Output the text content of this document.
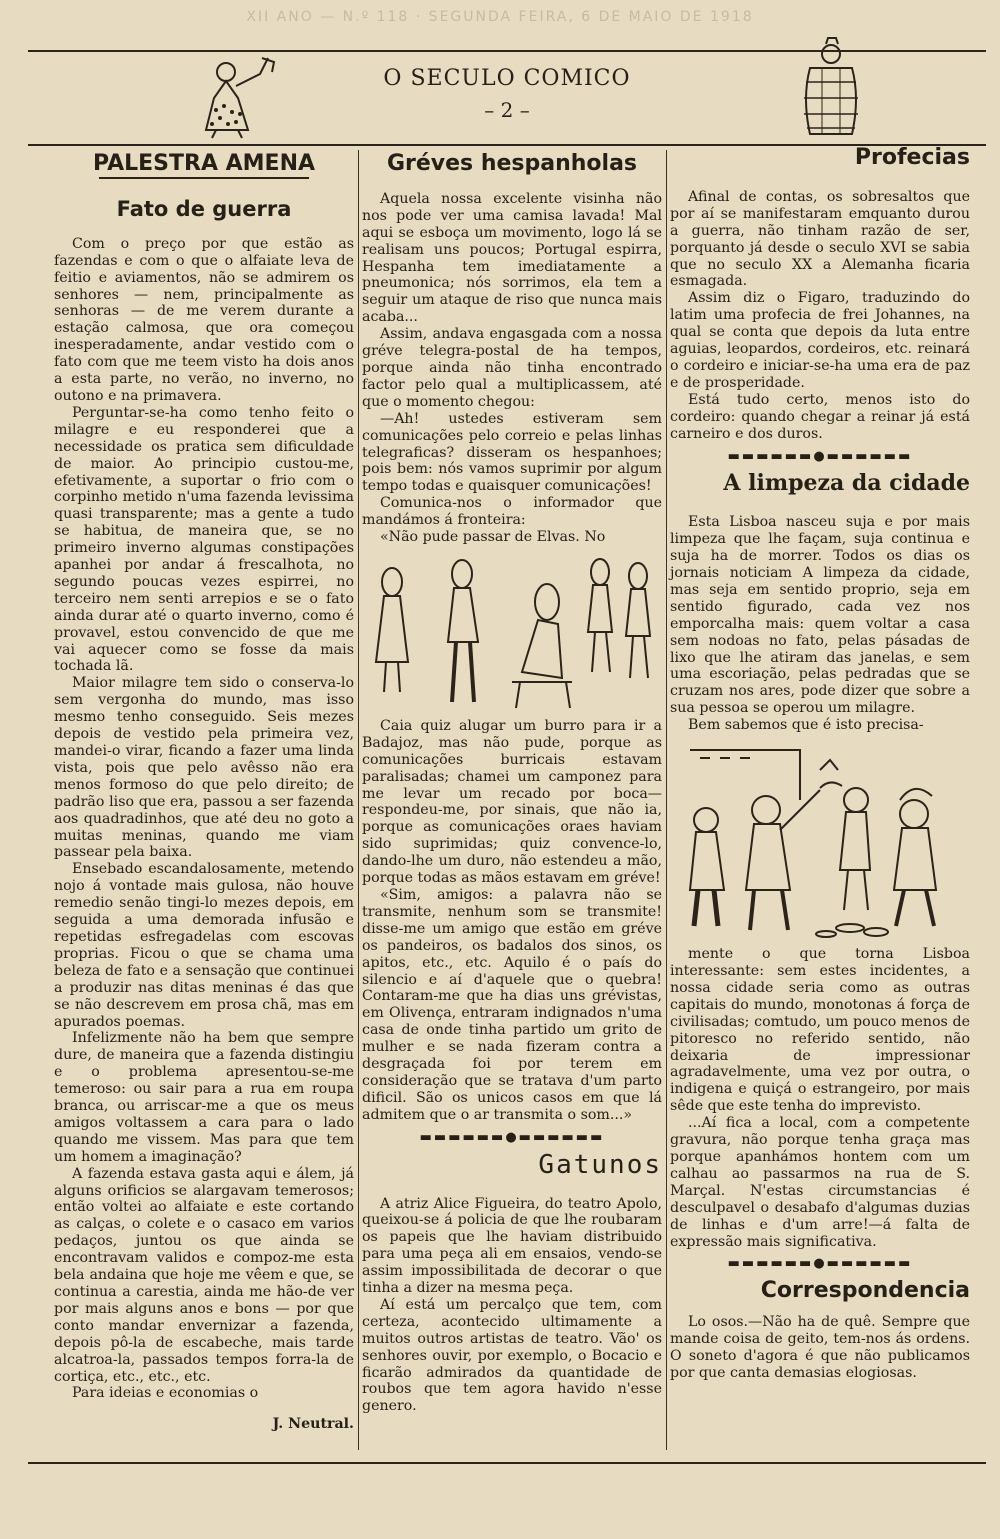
XII ANO — N.º 118 · SEGUNDA FEIRA, 6 DE MAIO DE 1918
O SECULO COMICO
– 2 –
PALESTRA AMENA
Fato de guerra

Com o preço por que estão as fazendas e com o que o alfaiate leva de feitio e aviamentos, não se admirem os senhores — nem, principalmente as senhoras — de me verem durante a estação calmosa, que ora começou inesperadamente, andar vestido com o fato com que me teem visto ha dois anos a esta parte, no verão, no inverno, no outono e na primavera.

Perguntar-se-ha como tenho feito o milagre e eu responderei que a necessidade os pratica sem dificuldade de maior. Ao principio custou-me, efetivamente, a suportar o frio com o corpinho metido n'uma fazenda levissima quasi transparente; mas a gente a tudo se habitua, de maneira que, se no primeiro inverno algumas constipações apanhei por andar á frescalhota, no segundo poucas vezes espirrei, no terceiro nem senti arrepios e se o fato ainda durar até o quarto inverno, como é provavel, estou convencido de que me vai aquecer como se fosse da mais tochada lã.

Maior milagre tem sido o conserva-lo sem vergonha do mundo, mas isso mesmo tenho conseguido. Seis mezes depois de vestido pela primeira vez, mandei-o virar, ficando a fazer uma linda vista, pois que pelo avêsso não era menos formoso do que pelo direito; de padrão liso que era, passou a ser fazenda aos quadradinhos, que até deu no goto a muitas meninas, quando me viam passear pela baixa.

Ensebado escandalosamente, metendo nojo á vontade mais gulosa, não houve remedio senão tingi-lo mezes depois, em seguida a uma demorada infusão e repetidas esfregadelas com escovas proprias. Ficou o que se chama uma beleza de fato e a sensação que continuei a produzir nas ditas meninas é das que se não descrevem em prosa chã, mas em apurados poemas.

Infelizmente não ha bem que sempre dure, de maneira que a fazenda distingiu e o problema apresentou-se-me temeroso: ou sair para a rua em roupa branca, ou arriscar-me a que os meus amigos voltassem a cara para o lado quando me vissem. Mas para que tem um homem a imaginação?

A fazenda estava gasta aqui e álem, já alguns orificios se alargavam temerosos; então voltei ao alfaiate e este cortando as calças, o colete e o casaco em varios pedaços, juntou os que ainda se encontravam validos e compoz-me esta bela andaina que hoje me vêem e que, se continua a carestia, ainda me hão-de ver por mais alguns anos e bons — por que conto mandar envernizar a fazenda, depois pô-la de escabeche, mais tarde alcatroa-la, passados tempos forra-la de cortiça, etc., etc., etc.

Para ideias e economias o

J. Neutral.
Gréves hespanholas

Aquela nossa excelente visinha não nos pode ver uma camisa lavada! Mal aqui se esboça um movimento, logo lá se realisam uns poucos; Portugal espirra, Hespanha tem imediatamente a pneumonica; nós sorrimos, ela tem a seguir um ataque de riso que nunca mais acaba...

Assim, andava engasgada com a nossa gréve telegra-postal de ha tempos, porque ainda não tinha encontrado factor pelo qual a multiplicassem, até que o momento chegou:

—Ah! ustedes estiveram sem comunicações pelo correio e pelas linhas telegraficas? disseram os hespanhoes; pois bem: nós vamos suprimir por algum tempo todas e quaisquer comunicações!

Comunica-nos o informador que mandámos á fronteira:

«Não pude passar de Elvas. No

Caia quiz alugar um burro para ir a Badajoz, mas não pude, porque as comunicações burricais estavam paralisadas; chamei um camponez para me levar um recado por boca—respondeu-me, por sinais, que não ia, porque as comunicações oraes haviam sido suprimidas; quiz convence-lo, dando-lhe um duro, não estendeu a mão, porque todas as mãos estavam em gréve!

«Sim, amigos: a palavra não se transmite, nenhum som se transmite! disse-me um amigo que estão em gréve os pandeiros, os badalos dos sinos, os apitos, etc., etc. Aquilo é o país do silencio e aí d'aquele que o quebra! Contaram-me que ha dias uns grévistas, em Olivença, entraram indignados n'uma casa de onde tinha partido um grito de mulher e se nada fizeram contra a desgraçada foi por terem em consideração que se tratava d'um parto dificil. São os unicos casos em que lá admitem que o ar transmita o som...»

▬▬▬▬▬▬●▬▬▬▬▬▬
Gatunos

A atriz Alice Figueira, do teatro Apolo, queixou-se á policia de que lhe roubaram os papeis que lhe haviam distribuido para uma peça ali em ensaios, vendo-se assim impossibilitada de decorar o que tinha a dizer na mesma peça.

Aí está um percalço que tem, com certeza, acontecido ultimamente a muitos outros artistas de teatro. Vão' os senhores ouvir, por exemplo, o Bocacio e ficarão admirados da quantidade de roubos que tem agora havido n'esse genero.

Profecias

Afinal de contas, os sobresaltos que por aí se manifestaram emquanto durou a guerra, não tinham razão de ser, porquanto já desde o seculo XVI se sabia que no seculo XX a Alemanha ficaria esmagada.

Assim diz o Figaro, traduzindo do latim uma profecia de frei Johannes, na qual se conta que depois da luta entre aguias, leopardos, cordeiros, etc. reinará o cordeiro e iniciar-se-ha uma era de paz e de prosperidade.

Está tudo certo, menos isto do cordeiro: quando chegar a reinar já está carneiro e dos duros.

▬▬▬▬▬▬●▬▬▬▬▬▬
A limpeza da cidade

Esta Lisboa nasceu suja e por mais limpeza que lhe façam, suja continua e suja ha de morrer. Todos os dias os jornais noticiam A limpeza da cidade, mas seja em sentido proprio, seja em sentido figurado, cada vez nos emporcalha mais: quem voltar a casa sem nodoas no fato, pelas pásadas de lixo que lhe atiram das janelas, e sem uma escoriação, pelas pedradas que se cruzam nos ares, pode dizer que sobre a sua pessoa se operou um milagre.

Bem sabemos que é isto precisa-

mente o que torna Lisboa interessante: sem estes incidentes, a nossa cidade seria como as outras capitais do mundo, monotonas á força de civilisadas; comtudo, um pouco menos de pitoresco no referido sentido, não deixaria de impressionar agradavelmente, uma vez por outra, o indigena e quiçá o estrangeiro, por mais sêde que este tenha do imprevisto.

...Aí fica a local, com a competente gravura, não porque tenha graça mas porque apanhámos hontem com um calhau ao passarmos na rua de S. Marçal. N'estas circumstancias é desculpavel o desabafo d'algumas duzias de linhas e d'um arre!—á falta de expressão mais significativa.

▬▬▬▬▬▬●▬▬▬▬▬▬
Correspondencia

Lo osos.—Não ha de quê. Sempre que mande coisa de geito, tem-nos ás ordens. O soneto d'agora é que não publicamos por que canta demasias elogiosas.
